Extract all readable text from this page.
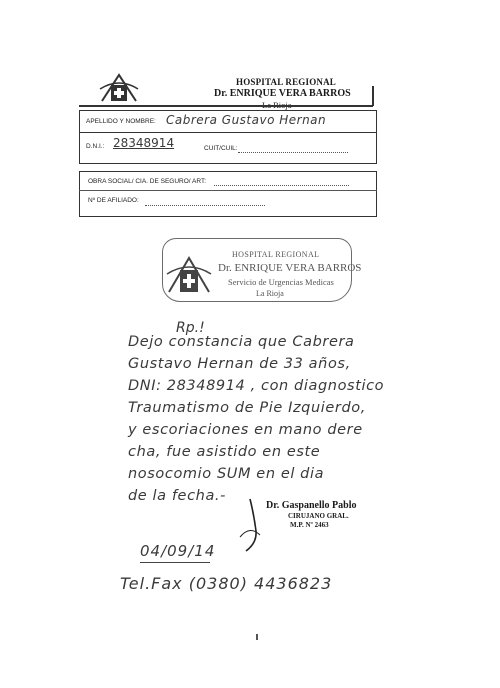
HOSPITAL REGIONAL
Dr. ENRIQUE VERA BARROS
APELLIDO Y NOMBRE: Cabrera Gustavo Hernan
D.N.I.: 28348914	CUIT/CUIL:
OBRA SOCIAL/ CIA. DE SEGURO/ ART:
Nº DE AFILIADO:
HOSPITAL REGIONAL
Dr. ENRIQUE VERA BARROS
Servicio de Urgencias Medicas
La Rioja
Rp.!
Dejo constancia que Cabrera
Gustavo Hernan de 33 años,
DNI: 28348914 , con diagnostico
Traumatismo de Pie Izquierdo,
y escoriaciones en mano dere
cha, fue asistido en este
nosocomio SUM en el dia
de la fecha.-
Dr. Gaspanello Pablo
CIRUJANO GRAL.
M.P. Nº 2463
04/09/14
Tel.Fax (0380) 4436823
